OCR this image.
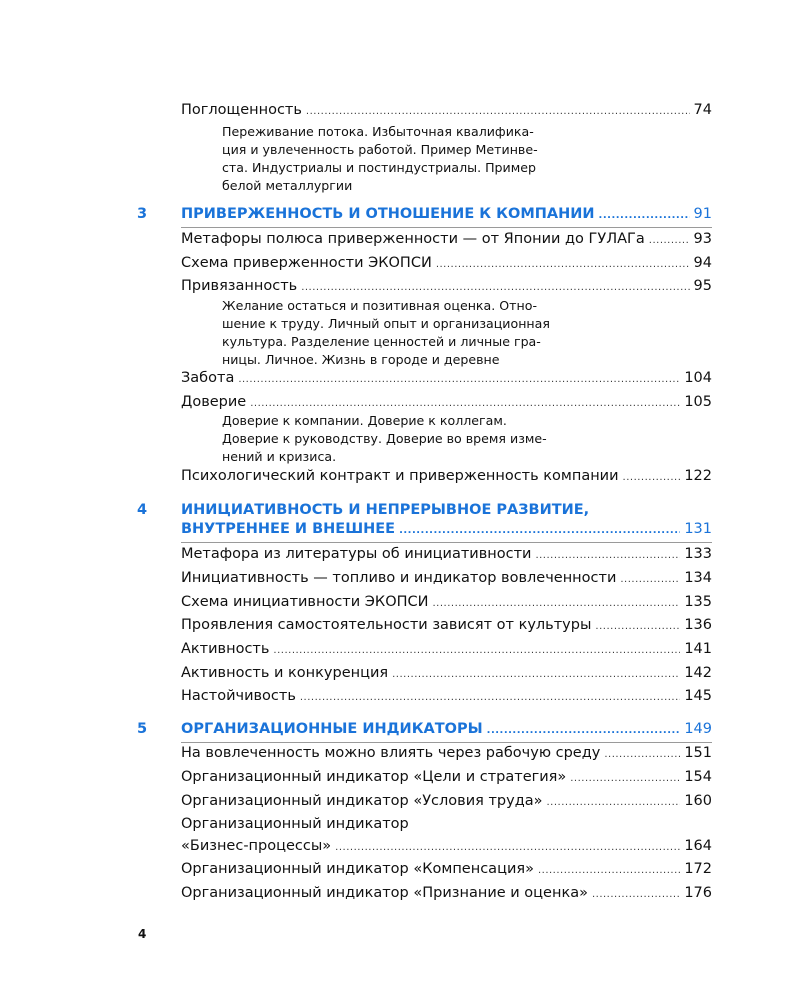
Поглощенность .....	74
Переживание потока. Избыточная квалифика-
ция и увлеченность работой. Пример Метинве-
ста. Индустриалы и постиндустриалы. Пример
белой металлургии
3 ПРИВЕРЖЕННОСТЬ И ОТНОШЕНИЕ К КОМПАНИИ .....	91
Метафоры полюса приверженности — от Японии до ГУЛАГа .....	93
Схема приверженности ЭКОПСИ .....	94
Привязанность .....	95
Желание остаться и позитивная оценка. Отно-
шение к труду. Личный опыт и организационная
культура. Разделение ценностей и личные гра-
ницы. Личное. Жизнь в городе и деревне
Забота .....	104
Доверие .....	105
Доверие к компании. Доверие к коллегам.
Доверие к руководству. Доверие во время изме-
нений и кризиса.
Психологический контракт и приверженность компании .....	122
4 ИНИЦИАТИВНОСТЬ И НЕПРЕРЫВНОЕ РАЗВИТИЕ,
ВНУТРЕННЕЕ И ВНЕШНЕЕ .....	131
Метафора из литературы об инициативности .....	133
Инициативность — топливо и индикатор вовлеченности .....	134
Схема инициативности ЭКОПСИ .....	135
Проявления самостоятельности зависят от культуры .....	136
Активность .....	141
Активность и конкуренция .....	142
Настойчивость .....	145
5 ОРГАНИЗАЦИОННЫЕ ИНДИКАТОРЫ .....	149
На вовлеченность можно влиять через рабочую среду .....	151
Организационный индикатор «Цели и стратегия» .....	154
Организационный индикатор «Условия труда» .....	160
Организационный индикатор
«Бизнес-процессы» .....	164
Организационный индикатор «Компенсация» .....	172
Организационный индикатор «Признание и оценка» .....	176
4
